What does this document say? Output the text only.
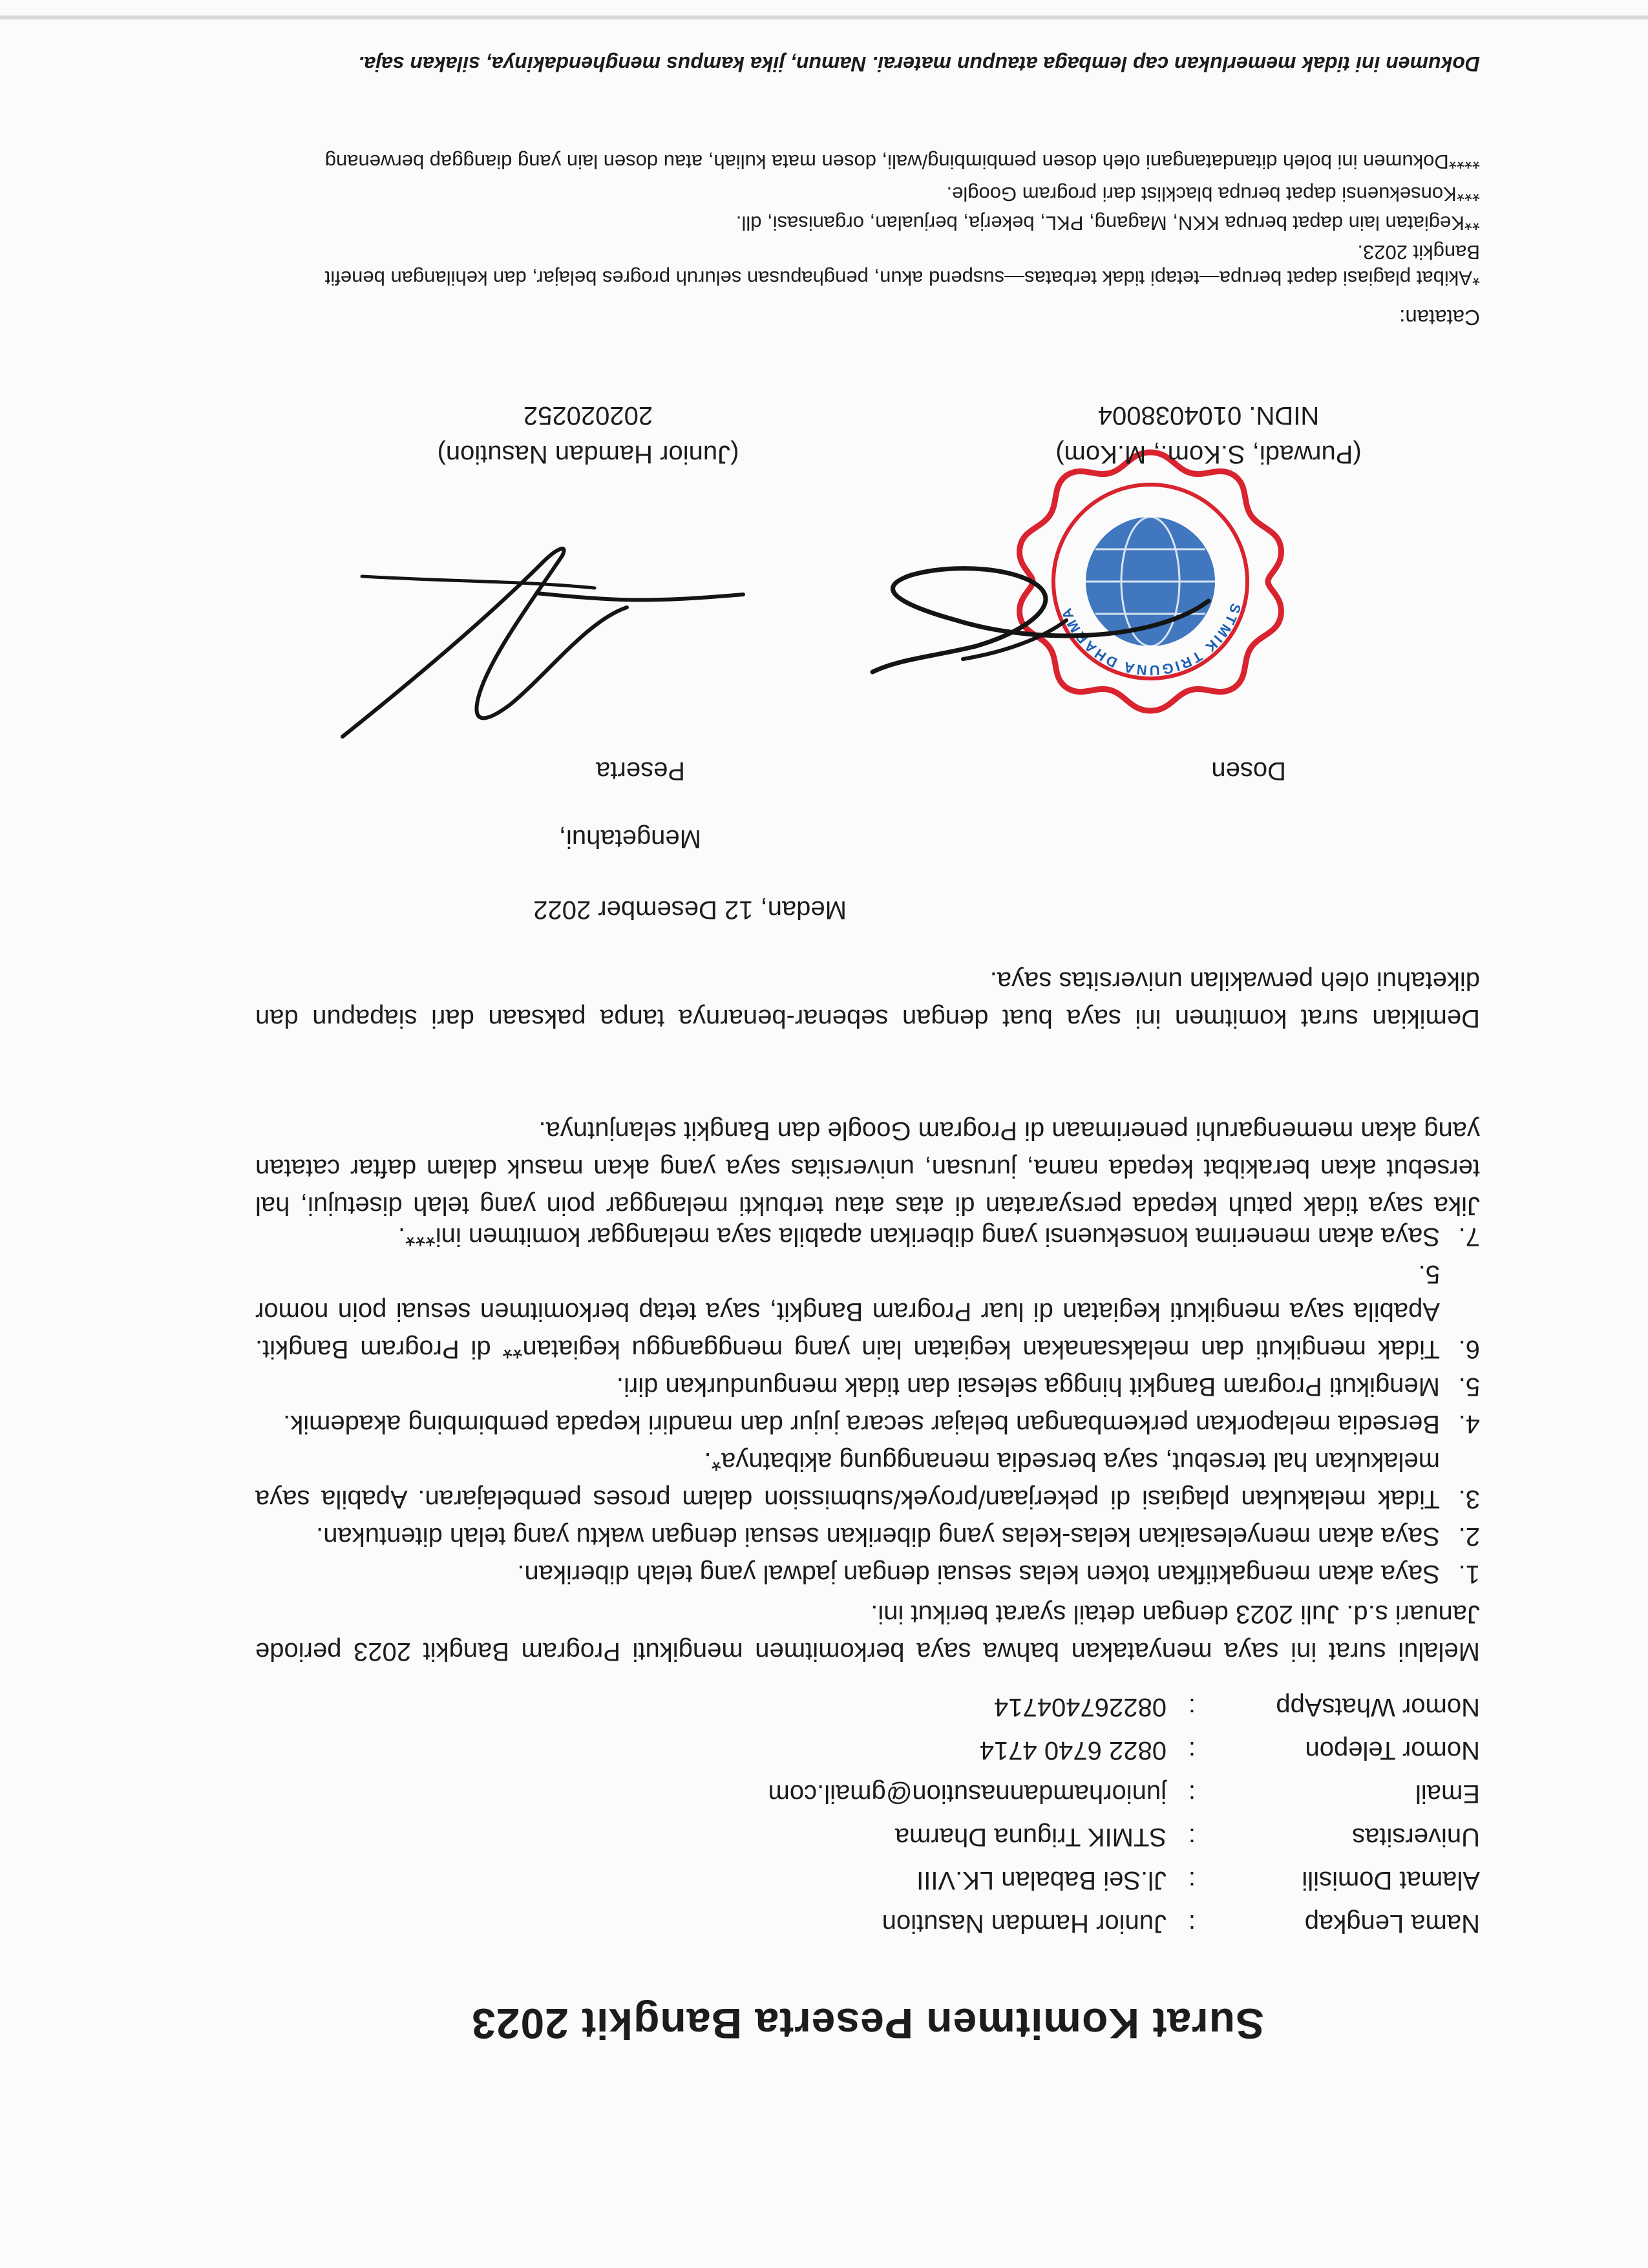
Surat Komitmen Peserta Bangkit 2023
Nama Lengkap
:
Junior Hamdan Nasution
Alamat Domisili
:
Jl.Sei Babalan LK.VIII
Universitas
:
STMIK Triguna Dharma
Email
:
juniorhamdannasution@gmail.com
Nomor Telepon
:
0822 6740 4714
Nomor WhatsApp
:
082267404714
Melalui surat ini saya menyatakan bahwa saya berkomitmen mengikuti Program Bangkit 2023 periode Januari s.d. Juli 2023 dengan detail syarat berikut ini.
1.
Saya akan mengaktifkan token kelas sesuai dengan jadwal yang telah diberikan.
2.
Saya akan menyelesaikan kelas-kelas yang diberikan sesuai dengan waktu yang telah ditentukan.
3.
Tidak melakukan plagiasi di pekerjaan/proyek/submission dalam proses pembelajaran. Apabila saya melakukan hal tersebut, saya bersedia menanggung akibatnya*.
4.
Bersedia melaporkan perkembangan belajar secara jujur dan mandiri kepada pembimbing akademik.
5.
Mengikuti Program Bangkit hingga selesai dan tidak mengundurkan diri.
6.
Tidak mengikuti dan melaksanakan kegiatan lain yang mengganggu kegiatan** di Program Bangkit. Apabila saya mengikuti kegiatan di luar Program Bangkit, saya tetap berkomitmen sesuai poin nomor 5.
7.
Saya akan menerima konsekuensi yang diberikan apabila saya melanggar komitmen ini***.
Jika saya tidak patuh kepada persyaratan di atas atau terbukti melanggar poin yang telah disetujui, hal tersebut akan berakibat kepada nama, jurusan, universitas saya yang akan masuk dalam daftar catatan yang akan memengaruhi penerimaan di Program Google dan Bangkit selanjutnya.
Demikian surat komitmen ini saya buat dengan sebenar-benarnya tanpa paksaan dari siapapun dan diketahui oleh perwakilan universitas saya.
Medan, 12 Desember 2022
Mengetahui,
Dosen
Peserta
STMIK TRIGUNA DHARMA
(Purwadi, S.Kom., M.Kom)
NIDN. 0104038004
(Junior Hamdan Nasution)
202020252
Catatan:
*Akibat plagiasi dapat berupa—tetapi tidak terbatas—suspend akun, penghapusan seluruh progres belajar, dan kehilangan benefit Bangkit 2023.
**Kegiatan lain dapat berupa KKN, Magang, PKL, bekerja, berjualan, organisasi, dll.
***Konsekuensi dapat berupa blacklist dari program Google.
****Dokumen ini boleh ditandatangani oleh dosen pembimbing/wali, dosen mata kuliah, atau dosen lain yang dianggap berwenang
Dokumen ini tidak memerlukan cap lembaga ataupun materai. Namun, jika kampus menghendakinya, silakan saja.
